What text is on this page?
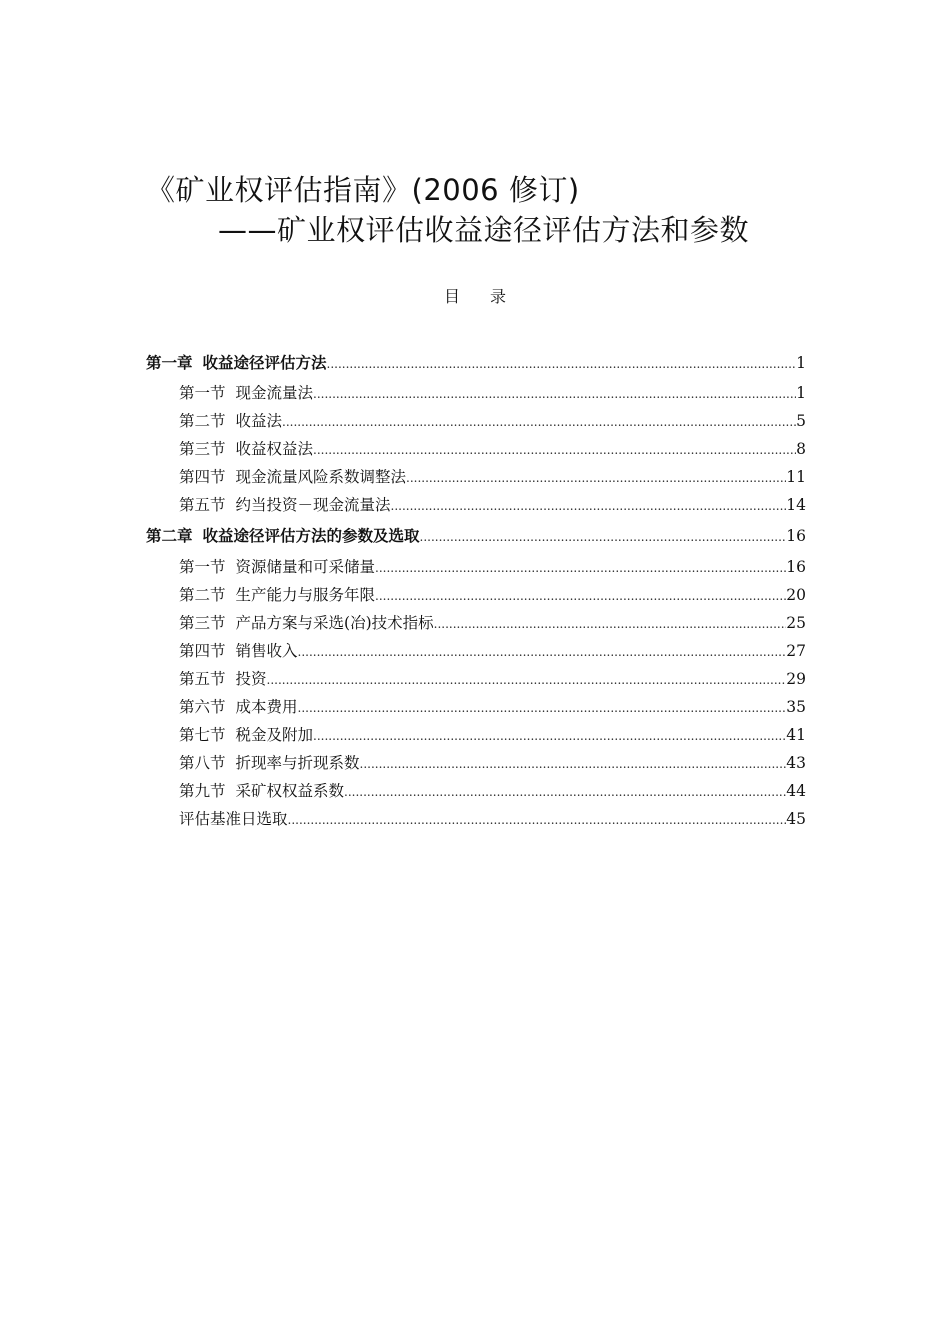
《矿业权评估指南》(2006 修订)
——矿业权评估收益途径评估方法和参数
目录
第一章 收益途径评估方法 .....	1
第一节 现金流量法 .....	1
第二节 收益法 .....	5
第三节 收益权益法 .....	8
第四节 现金流量风险系数调整法 .....	11
第五节 约当投资－现金流量法 .....	14
第二章 收益途径评估方法的参数及选取 .....	16
第一节 资源储量和可采储量 .....	16
第二节 生产能力与服务年限 .....	20
第三节 产品方案与采选(冶)技术指标 .....	25
第四节 销售收入 .....	27
第五节 投资 .....	29
第六节 成本费用 .....	35
第七节 税金及附加 .....	41
第八节 折现率与折现系数 .....	43
第九节 采矿权权益系数 .....	44
评估基准日选取 .....	45
